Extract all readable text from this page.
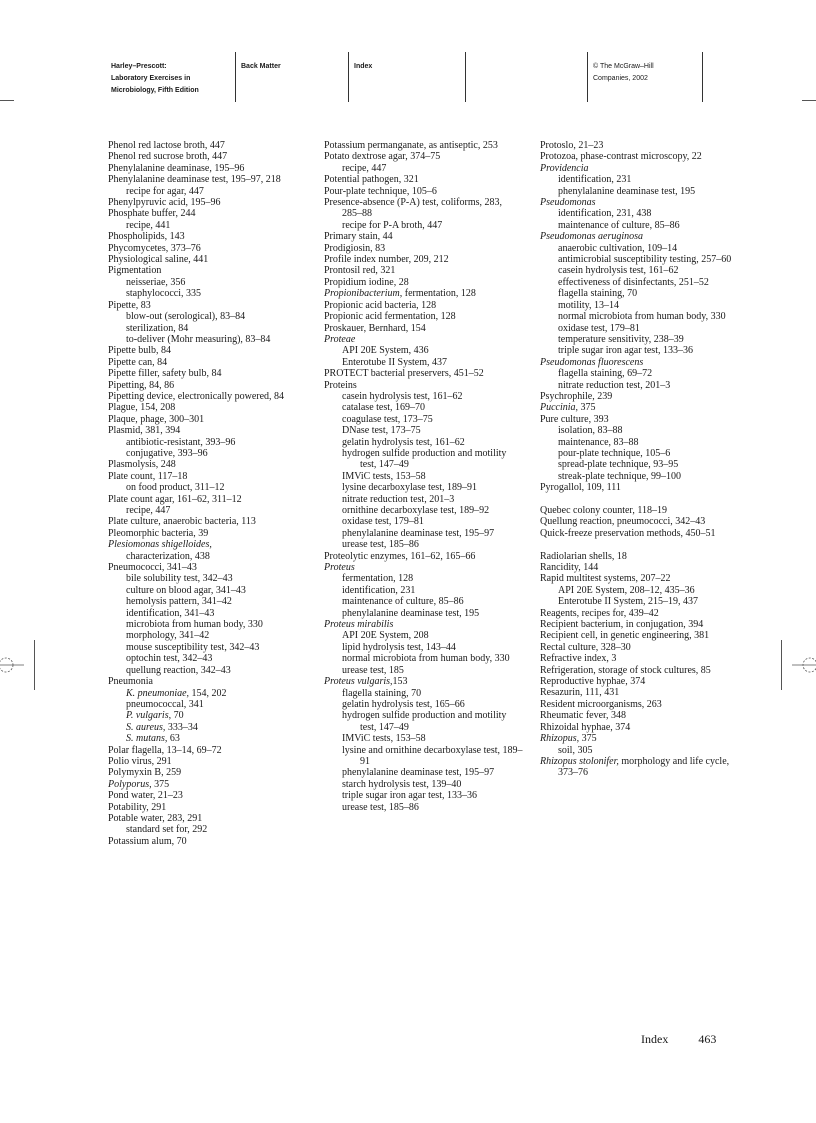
Harley–Prescott:
Laboratory Exercises in
Microbiology, Fifth Edition
Back Matter	Index	© The McGraw–Hill
Companies, 2002
Phenol red lactose broth, 447
Phenol red sucrose broth, 447
Phenylalanine deaminase, 195–96
Phenylalanine deaminase test, 195–97, 218
recipe for agar, 447
Phenylpyruvic acid, 195–96
Phosphate buffer, 244
recipe, 441
Phospholipids, 143
Phycomycetes, 373–76
Physiological saline, 441
Pigmentation
neisseriae, 356
staphylococci, 335
Pipette, 83
blow-out (serological), 83–84
sterilization, 84
to-deliver (Mohr measuring), 83–84
Pipette bulb, 84
Pipette can, 84
Pipette filler, safety bulb, 84
Pipetting, 84, 86
Pipetting device, electronically powered, 84
Plague, 154, 208
Plaque, phage, 300–301
Plasmid, 381, 394
antibiotic-resistant, 393–96
conjugative, 393–96
Plasmolysis, 248
Plate count, 117–18
on food product, 311–12
Plate count agar, 161–62, 311–12
recipe, 447
Plate culture, anaerobic bacteria, 113
Pleomorphic bacteria, 39
Plesiomonas shigelloides,
characterization, 438
Pneumococci, 341–43
bile solubility test, 342–43
culture on blood agar, 341–43
hemolysis pattern, 341–42
identification, 341–43
microbiota from human body, 330
morphology, 341–42
mouse susceptibility test, 342–43
optochin test, 342–43
quellung reaction, 342–43
Pneumonia
K. pneumoniae, 154, 202
pneumococcal, 341
P. vulgaris, 70
S. aureus, 333–34
S. mutans, 63
Polar flagella, 13–14, 69–72
Polio virus, 291
Polymyxin B, 259
Polyporus, 375
Pond water, 21–23
Potability, 291
Potable water, 283, 291
standard set for, 292
Potassium alum, 70
Potassium permanganate, as antiseptic, 253
Potato dextrose agar, 374–75
recipe, 447
Potential pathogen, 321
Pour-plate technique, 105–6
Presence-absence (P-A) test, coliforms, 283, 285–88
recipe for P-A broth, 447
Primary stain, 44
Prodigiosin, 83
Profile index number, 209, 212
Prontosil red, 321
Propidium iodine, 28
Propionibacterium, fermentation, 128
Propionic acid bacteria, 128
Propionic acid fermentation, 128
Proskauer, Bernhard, 154
Proteae
API 20E System, 436
Enterotube II System, 437
PROTECT bacterial preservers, 451–52
Proteins
casein hydrolysis test, 161–62
catalase test, 169–70
coagulase test, 173–75
DNase test, 173–75
gelatin hydrolysis test, 161–62
hydrogen sulfide production and motility test, 147–49
IMViC tests, 153–58
lysine decarboxylase test, 189–91
nitrate reduction test, 201–3
ornithine decarboxylase test, 189–92
oxidase test, 179–81
phenylalanine deaminase test, 195–97
urease test, 185–86
Proteolytic enzymes, 161–62, 165–66
Proteus
fermentation, 128
identification, 231
maintenance of culture, 85–86
phenylalanine deaminase test, 195
Proteus mirabilis
API 20E System, 208
lipid hydrolysis test, 143–44
normal microbiota from human body, 330
urease test, 185
Proteus vulgaris,153
flagella staining, 70
gelatin hydrolysis test, 165–66
hydrogen sulfide production and motility test, 147–49
IMViC tests, 153–58
lysine and ornithine decarboxylase test, 189–91
phenylalanine deaminase test, 195–97
starch hydrolysis test, 139–40
triple sugar iron agar test, 133–36
urease test, 185–86
Protoslo, 21–23
Protozoa, phase-contrast microscopy, 22
Providencia
identification, 231
phenylalanine deaminase test, 195
Pseudomonas
identification, 231, 438
maintenance of culture, 85–86
Pseudomonas aeruginosa
anaerobic cultivation, 109–14
antimicrobial susceptibility testing, 257–60
casein hydrolysis test, 161–62
effectiveness of disinfectants, 251–52
flagella staining, 70
motility, 13–14
normal microbiota from human body, 330
oxidase test, 179–81
temperature sensitivity, 238–39
triple sugar iron agar test, 133–36
Pseudomonas fluorescens
flagella staining, 69–72
nitrate reduction test, 201–3
Psychrophile, 239
Puccinia, 375
Pure culture, 393
isolation, 83–88
maintenance, 83–88
pour-plate technique, 105–6
spread-plate technique, 93–95
streak-plate technique, 99–100
Pyrogallol, 109, 111
Quebec colony counter, 118–19
Quellung reaction, pneumococci, 342–43
Quick-freeze preservation methods, 450–51
Radiolarian shells, 18
Rancidity, 144
Rapid multitest systems, 207–22
API 20E System, 208–12, 435–36
Enterotube II System, 215–19, 437
Reagents, recipes for, 439–42
Recipient bacterium, in conjugation, 394
Recipient cell, in genetic engineering, 381
Rectal culture, 328–30
Refractive index, 3
Refrigeration, storage of stock cultures, 85
Reproductive hyphae, 374
Resazurin, 111, 431
Resident microorganisms, 263
Rheumatic fever, 348
Rhizoidal hyphae, 374
Rhizopus, 375
soil, 305
Rhizopus stolonifer, morphology and life cycle, 373–76
Index	463
